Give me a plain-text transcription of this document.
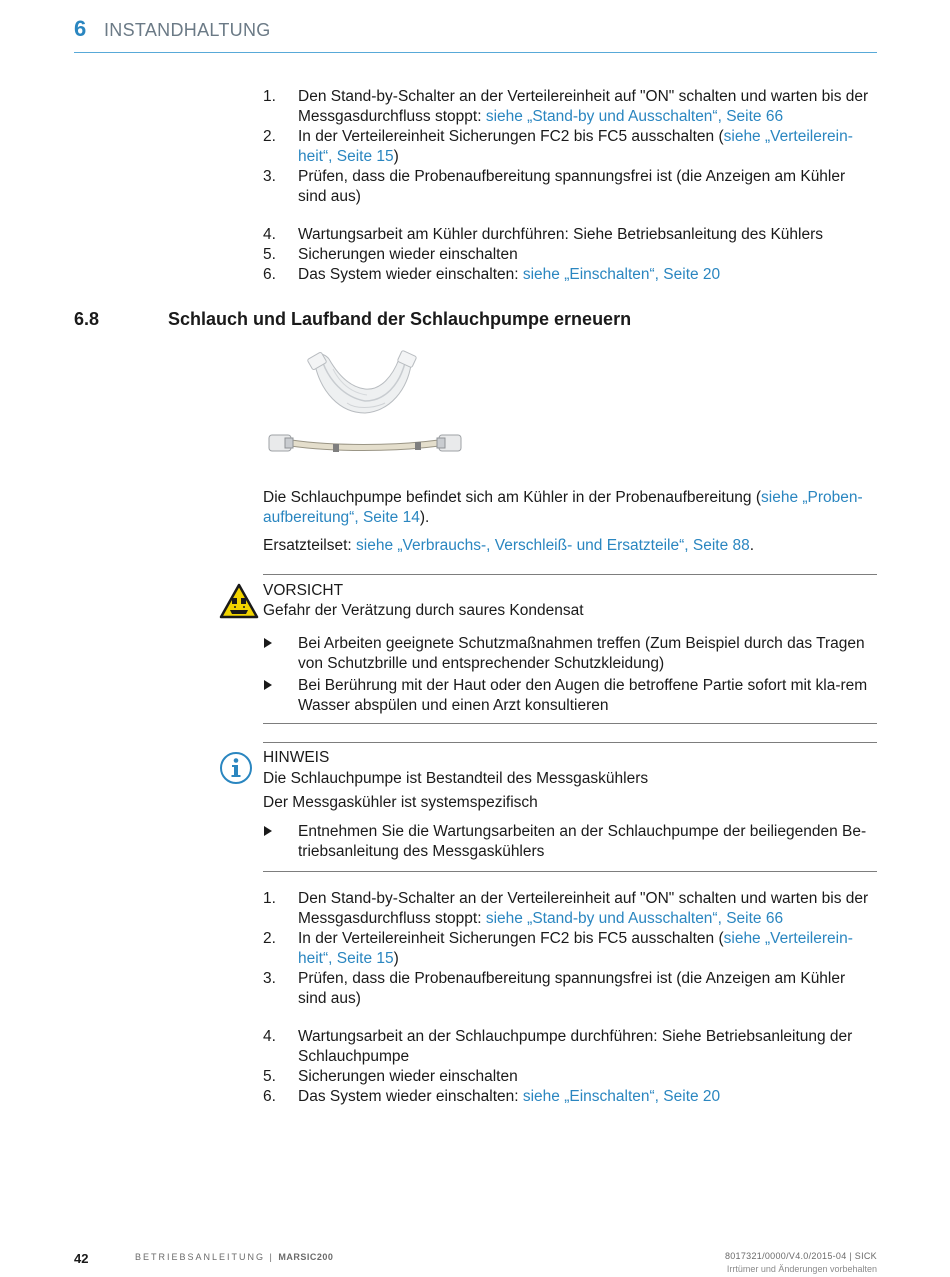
6 INSTANDHALTUNG
1. Den Stand-by-Schalter an der Verteilereinheit auf "ON" schalten und warten bis der Messgasdurchfluss stoppt: siehe „Stand-by und Ausschalten“, Seite 66
2. In der Verteilereinheit Sicherungen FC2 bis FC5 ausschalten (siehe „Verteilerein-heit“, Seite 15)
3. Prüfen, dass die Probenaufbereitung spannungsfrei ist (die Anzeigen am Kühler sind aus)
4. Wartungsarbeit am Kühler durchführen: Siehe Betriebsanleitung des Kühlers
5. Sicherungen wieder einschalten
6. Das System wieder einschalten: siehe „Einschalten“, Seite 20
6.8	Schlauch und Laufband der Schlauchpumpe erneuern

Die Schlauchpumpe befindet sich am Kühler in der Probenaufbereitung (siehe „Proben-aufbereitung“, Seite 14).

Ersatzteilset: siehe „Verbrauchs-, Verschleiß- und Ersatzteile“, Seite 88.

VORSICHT
Gefahr der Verätzung durch saures Kondensat
Bei Arbeiten geeignete Schutzmaßnahmen treffen (Zum Beispiel durch das Tragen von Schutzbrille und entsprechender Schutzkleidung)
Bei Berührung mit der Haut oder den Augen die betroffene Partie sofort mit kla-rem Wasser abspülen und einen Arzt konsultieren
HINWEIS
Die Schlauchpumpe ist Bestandteil des Messgaskühlers
Der Messgaskühler ist systemspezifisch
Entnehmen Sie die Wartungsarbeiten an der Schlauchpumpe der beiliegenden Be-triebsanleitung des Messgaskühlers
1. Den Stand-by-Schalter an der Verteilereinheit auf "ON" schalten und warten bis der Messgasdurchfluss stoppt: siehe „Stand-by und Ausschalten“, Seite 66
2. In der Verteilereinheit Sicherungen FC2 bis FC5 ausschalten (siehe „Verteilerein-heit“, Seite 15)
3. Prüfen, dass die Probenaufbereitung spannungsfrei ist (die Anzeigen am Kühler sind aus)
4. Wartungsarbeit an der Schlauchpumpe durchführen: Siehe Betriebsanleitung der Schlauchpumpe
5. Sicherungen wieder einschalten
6. Das System wieder einschalten: siehe „Einschalten“, Seite 20
42	BETRIEBSANLEITUNG | MARSIC200	8017321/0000/V4.0/2015-04 | SICK
Irrtümer und Änderungen vorbehalten
